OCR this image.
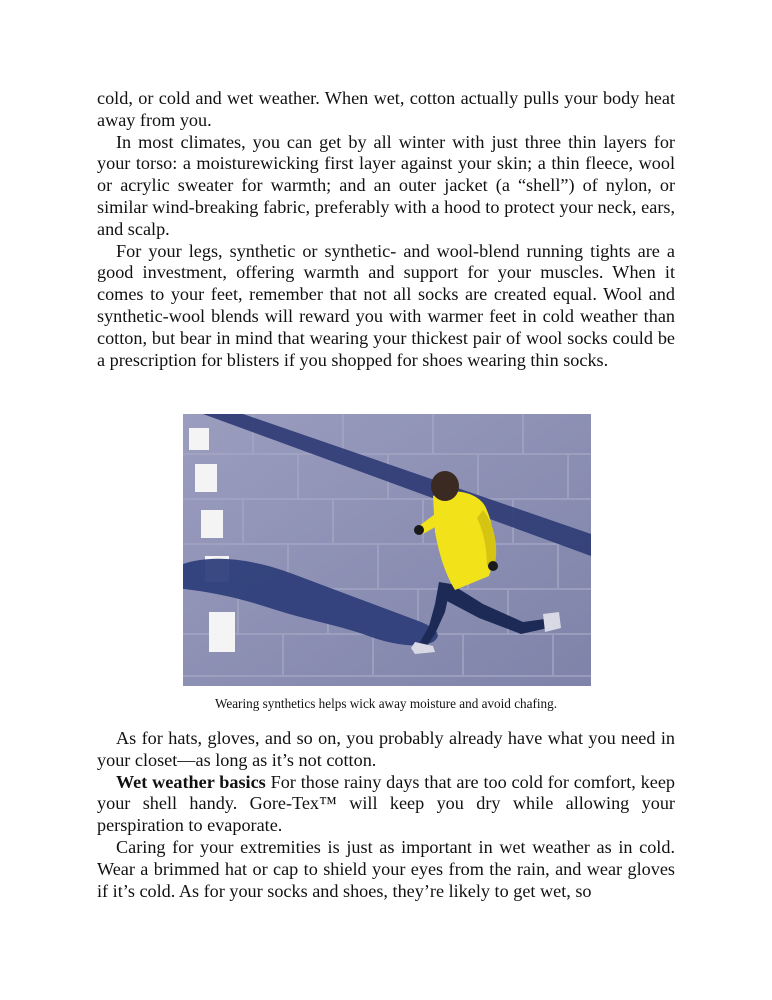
cold, or cold and wet weather. When wet, cotton actually pulls your body heat away from you.

In most climates, you can get by all winter with just three thin layers for your torso: a moisturewicking first layer against your skin; a thin fleece, wool or acrylic sweater for warmth; and an outer jacket (a “shell”) of nylon, or similar wind-breaking fabric, preferably with a hood to protect your neck, ears, and scalp.

For your legs, synthetic or synthetic- and wool-blend running tights are a good investment, offering warmth and support for your muscles. When it comes to your feet, remember that not all socks are created equal. Wool and synthetic-wool blends will reward you with warmer feet in cold weather than cotton, but bear in mind that wearing your thickest pair of wool socks could be a prescription for blisters if you shopped for shoes wearing thin socks.

Wearing synthetics helps wick away moisture and avoid chafing.

As for hats, gloves, and so on, you probably already have what you need in your closet—as long as it’s not cotton.

Wet weather basics For those rainy days that are too cold for comfort, keep your shell handy. Gore-Tex™ will keep you dry while allowing your perspiration to evaporate.

Caring for your extremities is just as important in wet weather as in cold. Wear a brimmed hat or cap to shield your eyes from the rain, and wear gloves if it’s cold. As for your socks and shoes, they’re likely to get wet, so
